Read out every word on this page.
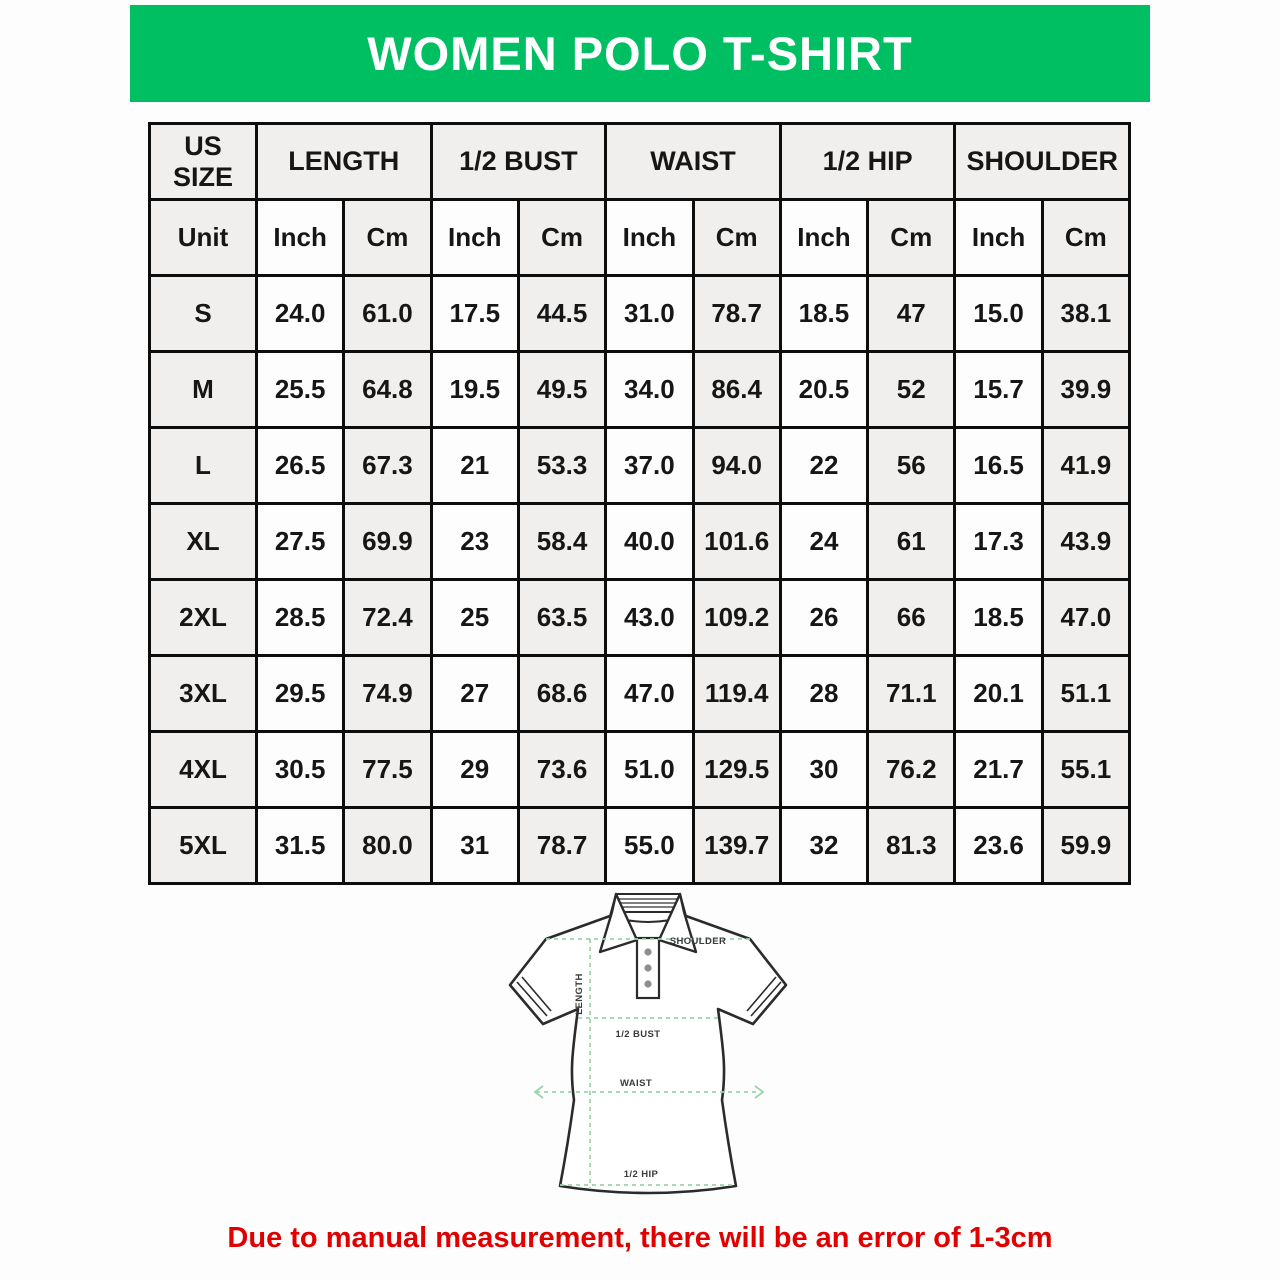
WOMEN POLO T-SHIRT
US SIZE	LENGTH		1/2 BUST		WAIST		1/2 HIP		SHOULDER	
Unit	Inch	Cm	Inch	Cm	Inch	Cm	Inch	Cm	Inch	Cm
S	24.0	61.0	17.5	44.5	31.0	78.7	18.5	47	15.0	38.1
M	25.5	64.8	19.5	49.5	34.0	86.4	20.5	52	15.7	39.9
L	26.5	67.3	21	53.3	37.0	94.0	22	56	16.5	41.9
XL	27.5	69.9	23	58.4	40.0	101.6	24	61	17.3	43.9
2XL	28.5	72.4	25	63.5	43.0	109.2	26	66	18.5	47.0
3XL	29.5	74.9	27	68.6	47.0	119.4	28	71.1	20.1	51.1
4XL	30.5	77.5	29	73.6	51.0	129.5	30	76.2	21.7	55.1
5XL	31.5	80.0	31	78.7	55.0	139.7	32	81.3	23.6	59.9
SHOULDER
LENGTH
1/2 BUST
WAIST
1/2 HIP
Due to manual measurement, there will be an error of 1-3cm
